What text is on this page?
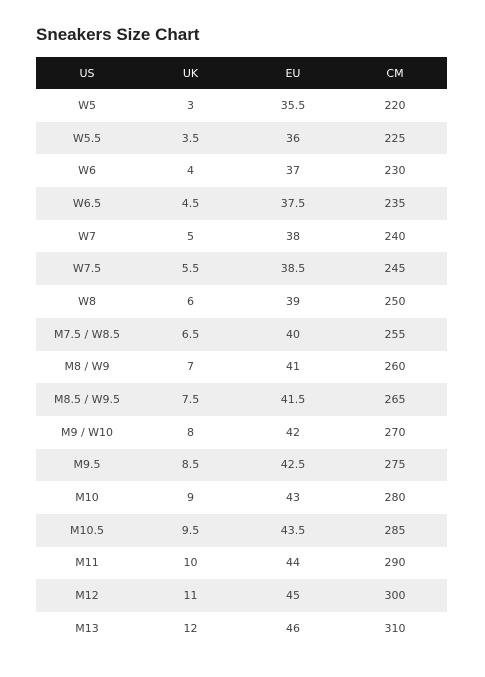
Sneakers Size Chart
US	UK	EU	CM
W5	3	35.5	220
W5.5	3.5	36	225
W6	4	37	230
W6.5	4.5	37.5	235
W7	5	38	240
W7.5	5.5	38.5	245
W8	6	39	250
M7.5 / W8.5	6.5	40	255
M8 / W9	7	41	260
M8.5 / W9.5	7.5	41.5	265
M9 / W10	8	42	270
M9.5	8.5	42.5	275
M10	9	43	280
M10.5	9.5	43.5	285
M11	10	44	290
M12	11	45	300
M13	12	46	310
